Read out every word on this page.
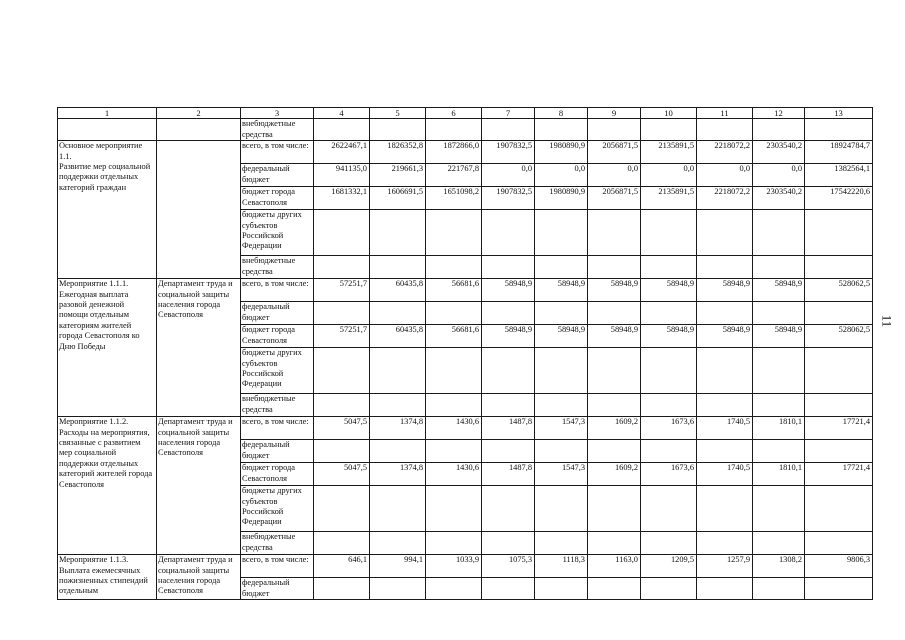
1	2	3	4	5	6	7	8	9	10	11	12	13
		внебюджетные средства										
Основное мероприятие 1.1.
Развитие мер социальной поддержки отдельных категорий граждан		всего, в том числе:	2622467,1	1826352,8	1872866,0	1907832,5	1980890,9	2056871,5	2135891,5	2218072,2	2303540,2	18924784,7
		федеральный бюджет	941135,0	219661,3	221767,8	0,0	0,0	0,0	0,0	0,0	0,0	1382564,1
		бюджет города Севастополя	1681332,1	1606691,5	1651098,2	1907832,5	1980890,9	2056871,5	2135891,5	2218072,2	2303540,2	17542220,6
		бюджеты других субъектов Российской Федерации										
		внебюджетные средства										
Мероприятие 1.1.1. Ежегодная выплата разовой денежной помощи отдельным категориям жителей города Севастополя ко Дню Победы	Департамент труда и социальной защиты населения города Севастополя	всего, в том числе:	57251,7	60435,8	56681,6	58948,9	58948,9	58948,9	58948,9	58948,9	58948,9	528062,5
		федеральный бюджет										
		бюджет города Севастополя	57251,7	60435,8	56681,6	58948,9	58948,9	58948,9	58948,9	58948,9	58948,9	528062,5
		бюджеты других субъектов Российской Федерации										
		внебюджетные средства										
Мероприятие 1.1.2. Расходы на мероприятия, связанные с развитием мер социальной поддержки отдельных категорий жителей города Севастополя	Департамент труда и социальной защиты населения города Севастополя	всего, в том числе:	5047,5	1374,8	1430,6	1487,8	1547,3	1609,2	1673,6	1740,5	1810,1	17721,4
		федеральный бюджет										
		бюджет города Севастополя	5047,5	1374,8	1430,6	1487,8	1547,3	1609,2	1673,6	1740,5	1810,1	17721,4
		бюджеты других субъектов Российской Федерации										
		внебюджетные средства										
Мероприятие 1.1.3. Выплата ежемесячных пожизненных стипендий отдельным	Департамент труда и социальной защиты населения города Севастополя	всего, в том числе:	646,1	994,1	1033,9	1075,3	1118,3	1163,0	1209,5	1257,9	1308,2	9806,3
		федеральный бюджет										
11
